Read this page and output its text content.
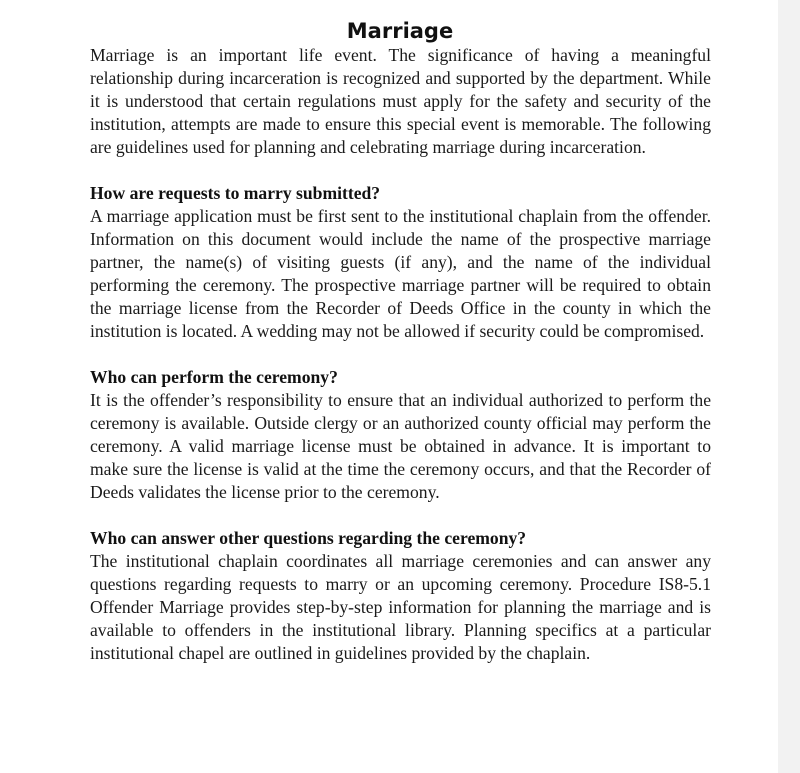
Marriage

Marriage is an important life event. The significance of having a meaningful relationship during incarceration is recognized and supported by the department. While it is understood that certain regulations must apply for the safety and security of the institution, attempts are made to ensure this special event is memorable. The following are guidelines used for planning and celebrating marriage during incarceration.

How are requests to marry submitted?

A marriage application must be first sent to the institutional chaplain from the offender. Information on this document would include the name of the prospective marriage partner, the name(s) of visiting guests (if any), and the name of the individual performing the ceremony. The prospective marriage partner will be required to obtain the marriage license from the Recorder of Deeds Office in the county in which the institution is located. A wedding may not be allowed if security could be compromised.

Who can perform the ceremony?

It is the offender’s responsibility to ensure that an individual authorized to perform the ceremony is available. Outside clergy or an authorized county official may perform the ceremony. A valid marriage license must be obtained in advance. It is important to make sure the license is valid at the time the ceremony occurs, and that the Recorder of Deeds validates the license prior to the ceremony.

Who can answer other questions regarding the ceremony?

The institutional chaplain coordinates all marriage ceremonies and can answer any questions regarding requests to marry or an upcoming ceremony. Procedure IS8-5.1 Offender Marriage provides step-by-step information for planning the marriage and is available to offenders in the institutional library. Planning specifics at a particular institutional chapel are outlined in guidelines provided by the chaplain.
